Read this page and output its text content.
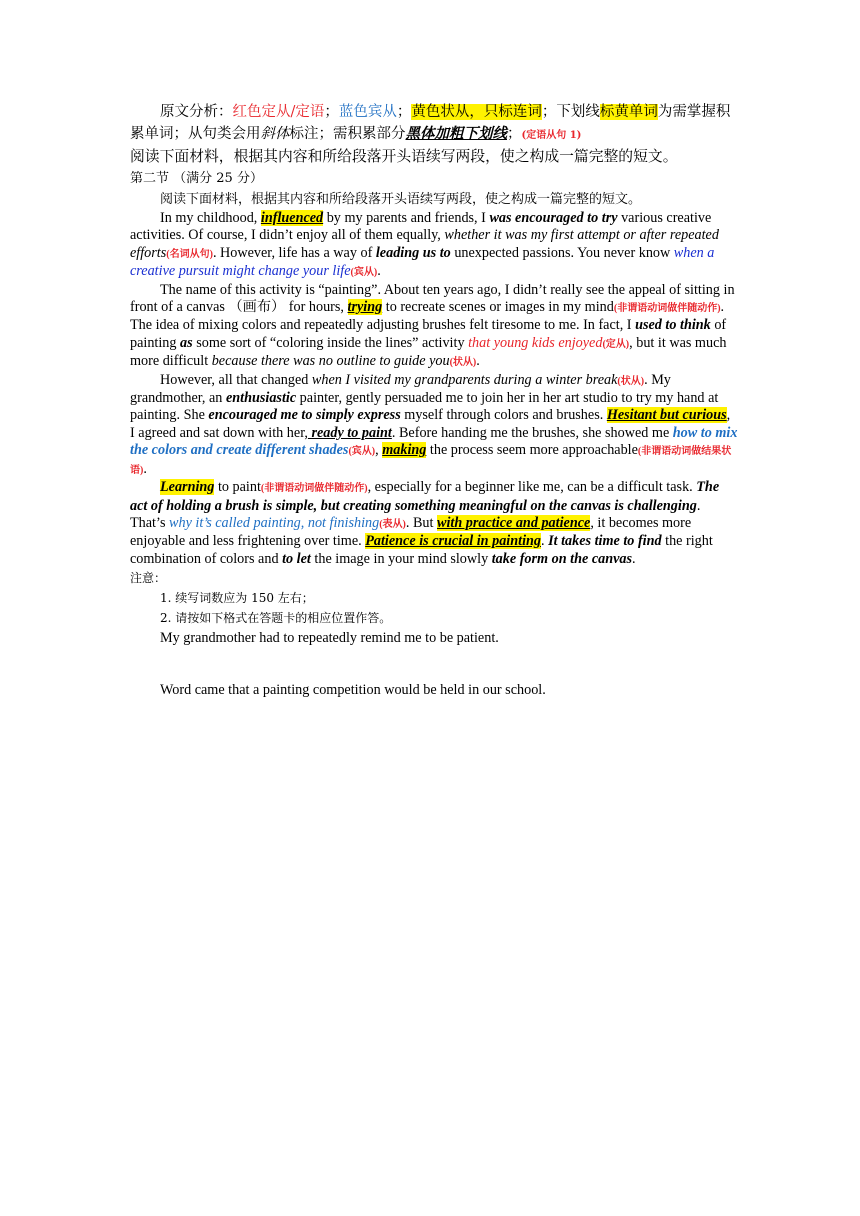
原文分析：红色定从/定语；蓝色宾从；黄色状从，只标连词；下划线标黄单词为需掌握积累单词；从句类会用斜体标注；需积累部分黑体加粗下划线；(定语从句 1)

阅读下面材料，根据其内容和所给段落开头语续写两段，使之构成一篇完整的短文。

第二节 （满分 25 分）

阅读下面材料，根据其内容和所给段落开头语续写两段，使之构成一篇完整的短文。

In my childhood, influenced by my parents and friends, I was encouraged to try various creative activities. Of course, I didn’t enjoy all of them equally, whether it was my first attempt or after repeated efforts(名词从句). However, life has a way of leading us to unexpected passions. You never know when a creative pursuit might change your life(宾从).

The name of this activity is “painting”. About ten years ago, I didn’t really see the appeal of sitting in front of a canvas （画布） for hours, trying to recreate scenes or images in my mind(非谓语动词做伴随动作). The idea of mixing colors and repeatedly adjusting brushes felt tiresome to me. In fact, I used to think of painting as some sort of “coloring inside the lines” activity that young kids enjoyed(定从), but it was much more difficult because there was no outline to guide you(状从).

However, all that changed when I visited my grandparents during a winter break(状从). My grandmother, an enthusiastic painter, gently persuaded me to join her in her art studio to try my hand at painting. She encouraged me to simply express myself through colors and brushes. Hesitant but curious, I agreed and sat down with her, ready to paint. Before handing me the brushes, she showed me how to mix the colors and create different shades(宾从), making the process seem more approachable(非谓语动词做结果状语).

Learning to paint(非谓语动词做伴随动作), especially for a beginner like me, can be a difficult task. The act of holding a brush is simple, but creating something meaningful on the canvas is challenging. That’s why it’s called painting, not finishing(表从). But with practice and patience, it becomes more enjoyable and less frightening over time. Patience is crucial in painting. It takes time to find the right combination of colors and to let the image in your mind slowly take form on the canvas.

注意：

1. 续写词数应为 150 左右；

2. 请按如下格式在答题卡的相应位置作答。

My grandmother had to repeatedly remind me to be patient.

Word came that a painting competition would be held in our school.
